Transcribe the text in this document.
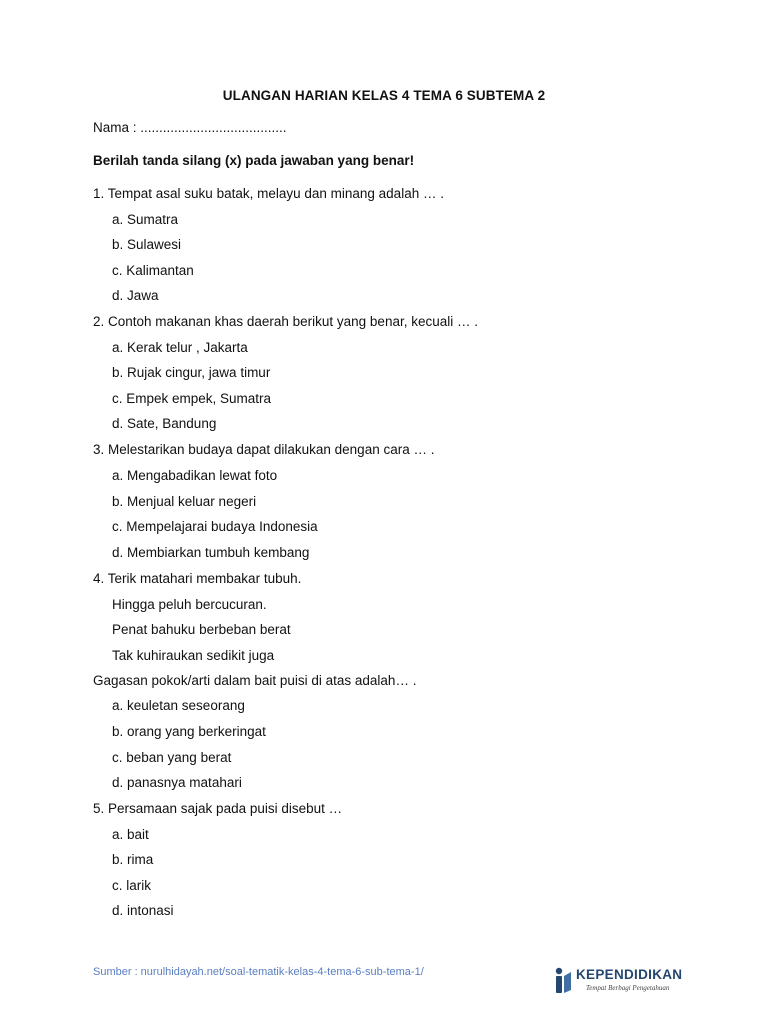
ULANGAN HARIAN KELAS 4 TEMA 6 SUBTEMA 2
Nama : .......................................
Berilah tanda silang (x) pada jawaban yang benar!
1. Tempat asal suku batak, melayu dan minang adalah … .
a. Sumatra
b. Sulawesi
c. Kalimantan
d. Jawa
2. Contoh makanan khas daerah berikut yang benar, kecuali … .
a. Kerak telur , Jakarta
b. Rujak cingur, jawa timur
c. Empek empek, Sumatra
d. Sate, Bandung
3. Melestarikan budaya dapat dilakukan dengan cara … .
a. Mengabadikan lewat foto
b. Menjual keluar negeri
c. Mempelajarai budaya Indonesia
d. Membiarkan tumbuh kembang
4. Terik matahari membakar tubuh.
Hingga peluh bercucuran.
Penat bahuku berbeban berat
Tak kuhiraukan sedikit juga
Gagasan pokok/arti dalam bait puisi di atas adalah… .
a. keuletan seseorang
b. orang yang berkeringat
c. beban yang berat
d. panasnya matahari
5. Persamaan sajak pada puisi disebut …
a. bait
b. rima
c. larik
d. intonasi
Sumber : nurulhidayah.net/soal-tematik-kelas-4-tema-6-sub-tema-1/	KEPENDIDIKAN
Tempat Berbagi Pengetahuan
